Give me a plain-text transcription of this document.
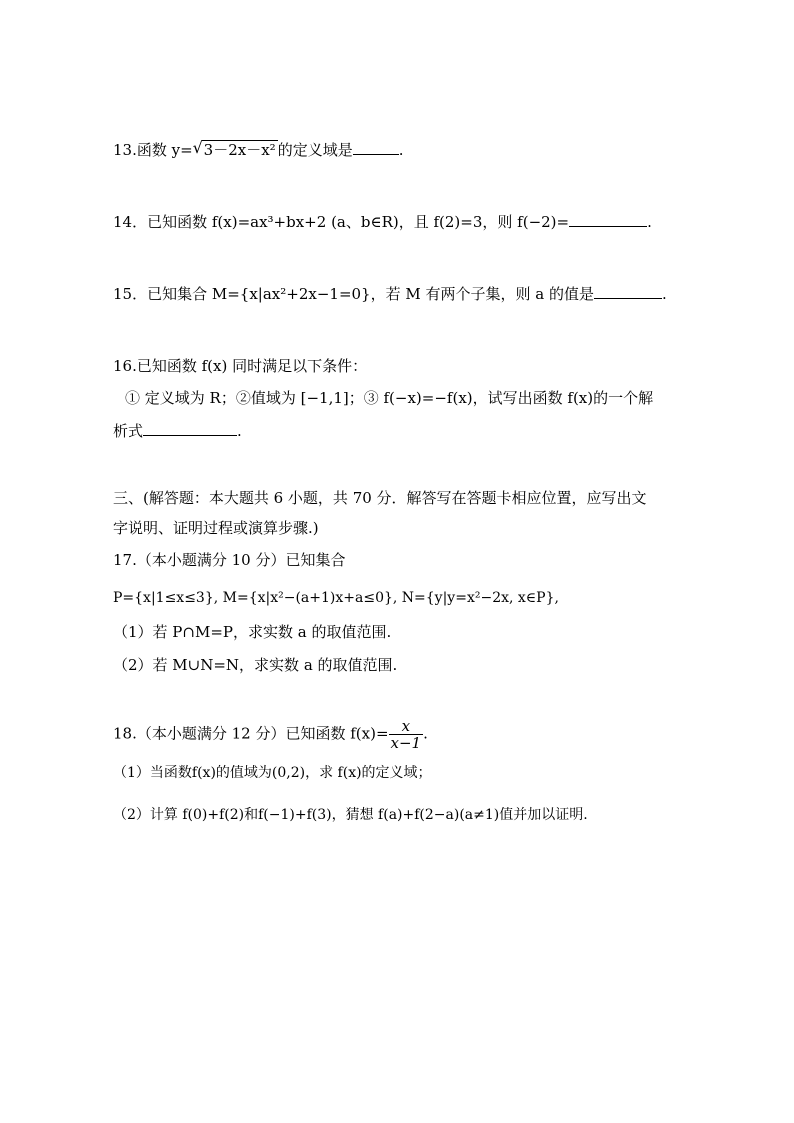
13.函数 y= √ 3－2x－x² 的定义域是	.
14．已知函数 f(x)=ax³+bx+2 (a、b∈R)，且 f(2)=3，则 f(−2)=	.
15．已知集合 M={x|ax²+2x−1=0}，若 M 有两个子集，则 a 的值是	.
16.已知函数 f(x) 同时满足以下条件：
① 定义域为 R；②值域为 [−1,1]；③ f(−x)=−f(x)，试写出函数 f(x)的一个解
析式	.
三、(解答题：本大题共 6 小题，共 70 分．解答写在答题卡相应位置，应写出文
字说明、证明过程或演算步骤.)
17.（本小题满分 10 分）已知集合
P={x|1≤x≤3}, M={x|x²−(a+1)x+a≤0}, N={y|y=x²−2x, x∈P},
（1）若 P∩M=P，求实数 a 的取值范围.
（2）若 M∪N=N，求实数 a 的取值范围.
18.（本小题满分 12 分）已知函数 $f(x)= \frac{x}{x-1}$ .
（1）当函数f(x)的值域为(0,2)，求 f(x)的定义域；
（2）计算 f(0)+f(2)和f(−1)+f(3)，猜想 f(a)+f(2−a)(a≠1)值并加以证明.
